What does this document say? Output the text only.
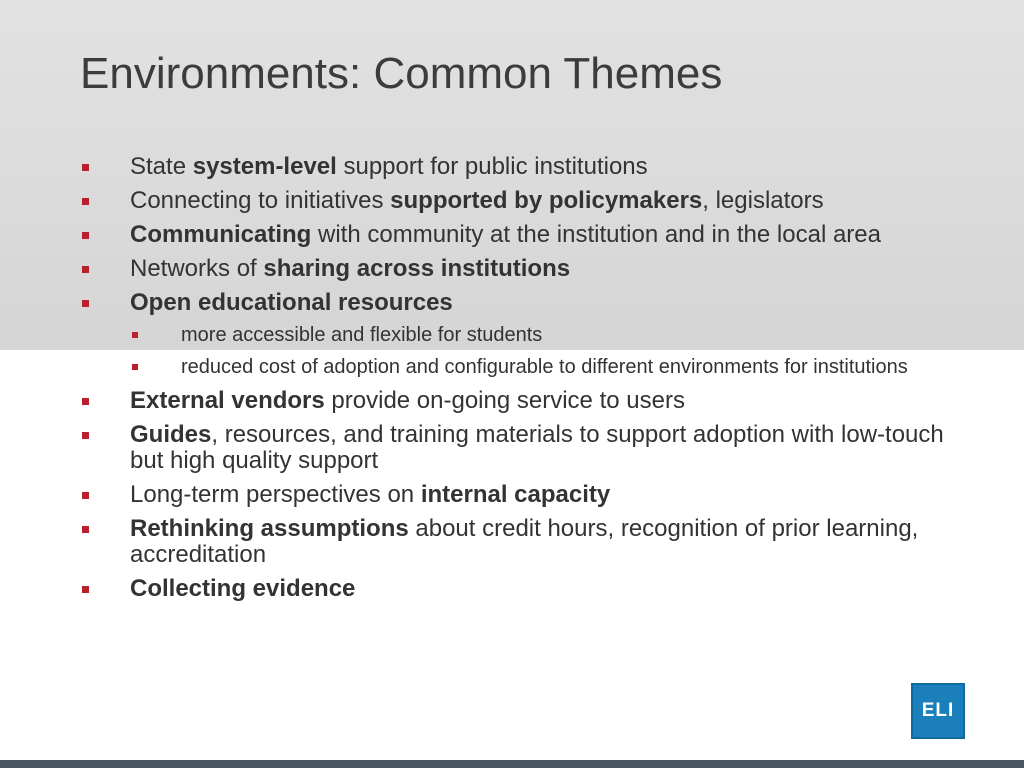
Environments: Common Themes
State system-level support for public institutions
Connecting to initiatives supported by policymakers, legislators
Communicating with community at the institution and in the local area
Networks of sharing across institutions
Open educational resources
more accessible and flexible for students
reduced cost of adoption and configurable to different environments for institutions
External vendors provide on-going service to users
Guides, resources, and training materials to support adoption with low-touch but high quality support
Long-term perspectives on internal capacity
Rethinking assumptions about credit hours, recognition of prior learning, accreditation
Collecting evidence
ELI
